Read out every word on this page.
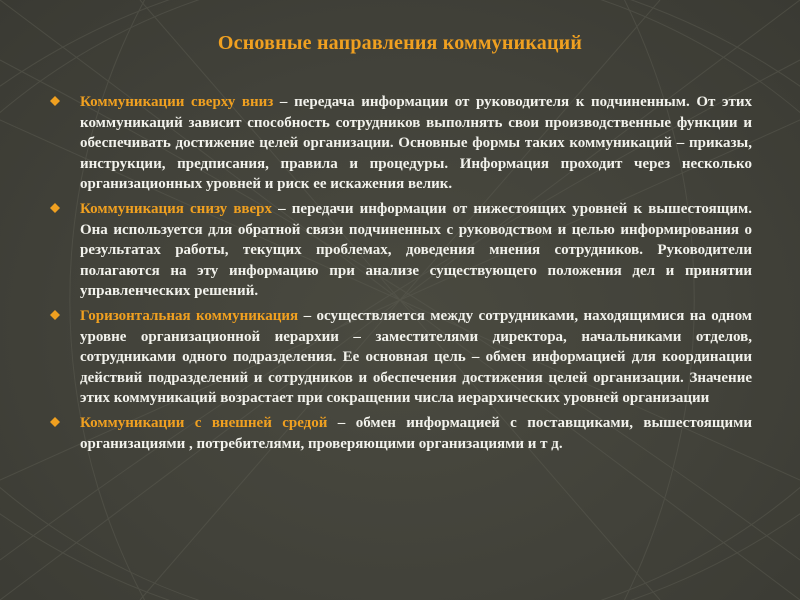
Основные направления коммуникаций
Коммуникации сверху вниз – передача информации от руководителя к подчиненным. От этих коммуникаций зависит способность сотрудников выполнять свои производственные функции и обеспечивать достижение целей организации. Основные формы таких коммуникаций – приказы, инструкции, предписания, правила и процедуры. Информация проходит через несколько организационных уровней и риск ее искажения велик.
Коммуникация снизу вверх – передачи информации от нижестоящих уровней к вышестоящим. Она используется для обратной связи подчиненных с руководством и целью информирования о результатах работы, текущих проблемах, доведения мнения сотрудников. Руководители полагаются на эту информацию при анализе существующего положения дел и принятии управленческих решений.
Горизонтальная коммуникация – осуществляется между сотрудниками, находящимися на одном уровне организационной иерархии – заместителями директора, начальниками отделов, сотрудниками одного подразделения. Ее основная цель – обмен информацией для координации действий подразделений и сотрудников и обеспечения достижения целей организации. Значение этих коммуникаций возрастает при сокращении числа иерархических уровней организации
Коммуникации с внешней средой – обмен информацией с поставщиками, вышестоящими организациями , потребителями, проверяющими организациями и т д.
